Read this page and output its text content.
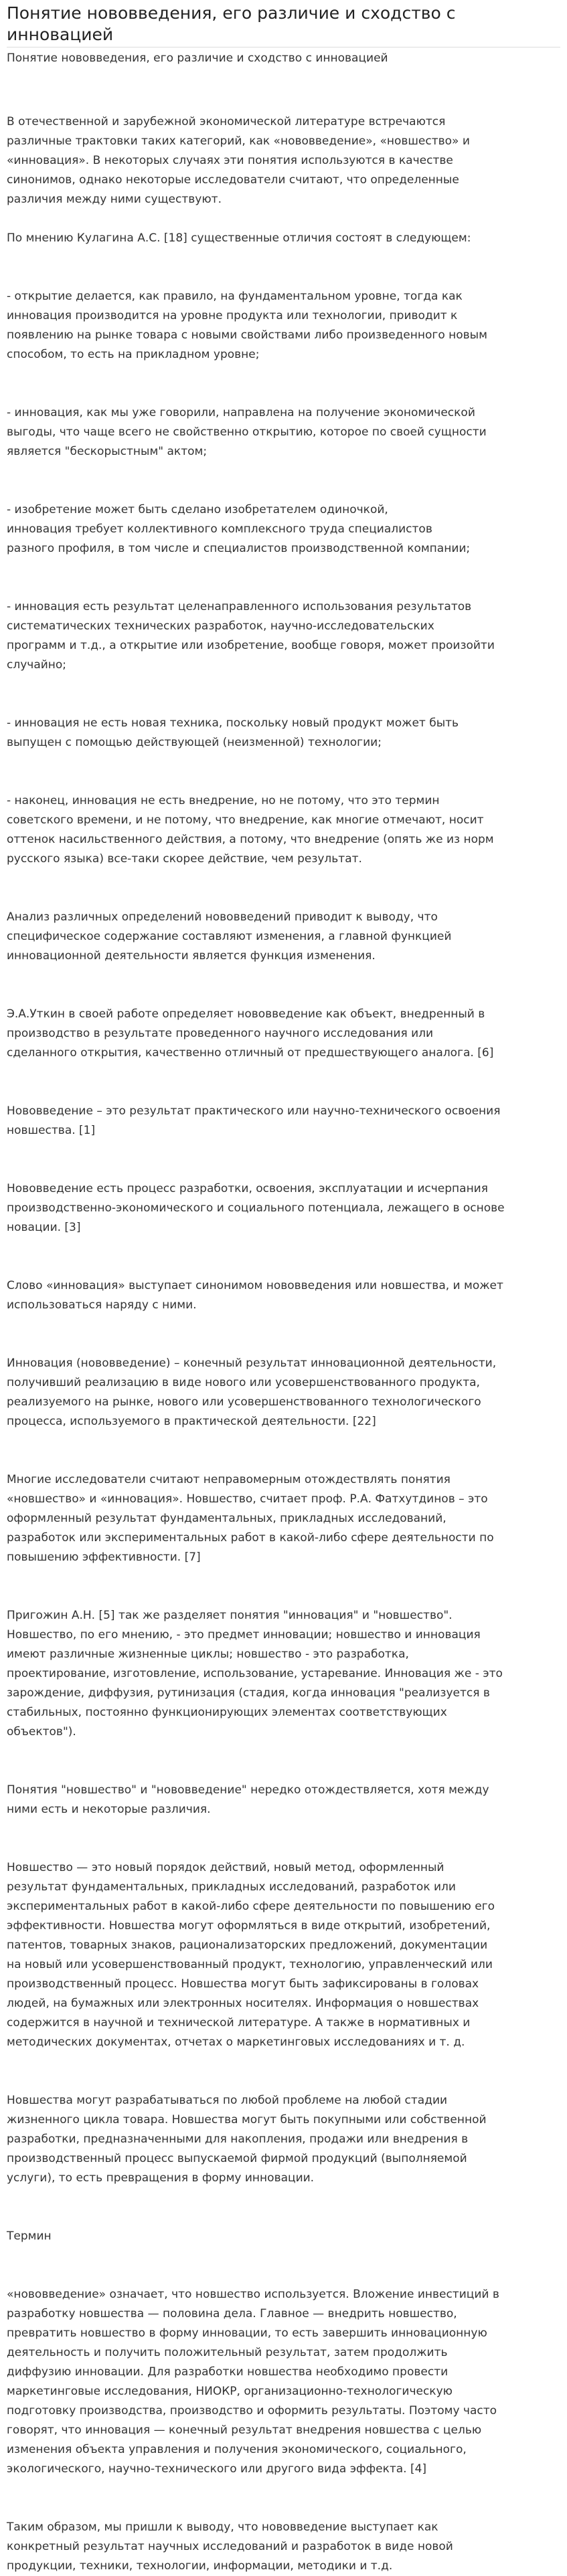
Понятие нововведения, его различие и сходство с инновацией
Понятие нововведения, его различие и сходство с инновацией

В отечественной и зарубежной экономической литературе встречаются
различные трактовки таких категорий, как «нововведение», «новшество» и
«инновация». В некоторых случаях эти понятия используются в качестве
синонимов, однако некоторые исследователи считают, что определенные
различия между ними существуют.

По мнению Кулагина А.С. [18] существенные отличия состоят в следующем:

- открытие делается, как правило, на фундаментальном уровне, тогда как
инновация производится на уровне продукта или технологии, приводит к
появлению на рынке товара с новыми свойствами либо произведенного новым
способом, то есть на прикладном уровне;

- инновация, как мы уже говорили, направлена на получение экономической
выгоды, что чаще всего не свойственно открытию, которое по своей сущности
является "бескорыстным" актом;

- изобретение может быть сделано изобретателем одиночкой,
инновация требует коллективного комплексного труда специалистов
разного профиля, в том числе и специалистов производственной компании;

- инновация есть результат целенаправленного использования результатов
систематических технических разработок, научно-исследовательских
программ и т.д., а открытие или изобретение, вообще говоря, может произойти
случайно;

- инновация не есть новая техника, поскольку новый продукт может быть
выпущен с помощью действующей (неизменной) технологии;

- наконец, инновация не есть внедрение, но не потому, что это термин
советского времени, и не потому, что внедрение, как многие отмечают, носит
оттенок насильственного действия, а потому, что внедрение (опять же из норм
русского языка) все-таки скорее действие, чем результат.

Анализ различных определений нововведений приводит к выводу, что
специфическое содержание составляют изменения, а главной функцией
инновационной деятельности является функция изменения.

Э.А.Уткин в своей работе определяет нововведение как объект, внедренный в
производство в результате проведенного научного исследования или
сделанного открытия, качественно отличный от предшествующего аналога. [6]

Нововведение – это результат практического или научно-технического освоения
новшества. [1]

Нововведение есть процесс разработки, освоения, эксплуатации и исчерпания
производственно-экономического и социального потенциала, лежащего в основе
новации. [3]

Слово «инновация» выступает синонимом нововведения или новшества, и может
использоваться наряду с ними.

Инновация (нововведение) – конечный результат инновационной деятельности,
получивший реализацию в виде нового или усовершенствованного продукта,
реализуемого на рынке, нового или усовершенствованного технологического
процесса, используемого в практической деятельности. [22]

Многие исследователи считают неправомерным отождествлять понятия
«новшество» и «инновация». Новшество, считает проф. Р.А. Фатхутдинов – это
оформленный результат фундаментальных, прикладных исследований,
разработок или экспериментальных работ в какой-либо сфере деятельности по
повышению эффективности. [7]

Пригожин А.Н. [5] так же разделяет понятия "инновация" и "новшество".
Новшество, по его мнению, - это предмет инновации; новшество и инновация
имеют различные жизненные циклы; новшество - это разработка,
проектирование, изготовление, использование, устаревание. Инновация же - это
зарождение, диффузия, рутинизация (стадия, когда инновация "реализуется в
стабильных, постоянно функционирующих элементах соответствующих
объектов").

Понятия "новшество" и "нововведение" нередко отождествляется, хотя между
ними есть и некоторые различия.

Новшество — это новый порядок действий, новый метод, оформленный
результат фундаментальных, прикладных исследований, разработок или
экспериментальных работ в какой-либо сфере деятельности по повышению его
эффективности. Новшества могут оформляться в виде открытий, изобретений,
патентов, товарных знаков, рационализаторских предложений, документации
на новый или усовершенствованный продукт, технологию, управленческий или
производственный процесс. Новшества могут быть зафиксированы в головах
людей, на бумажных или электронных носителях. Информация о новшествах
содержится в научной и технической литературе. А также в нормативных и
методических документах, отчетах о маркетинговых исследованиях и т. д.

Новшества могут разрабатываться по любой проблеме на любой стадии
жизненного цикла товара. Новшества могут быть покупными или собственной
разработки, предназначенными для накопления, продажи или внедрения в
производственный процесс выпускаемой фирмой продукций (выполняемой
услуги), то есть превращения в форму инновации.

Термин

«нововведение» означает, что новшество используется. Вложение инвестиций в
разработку новшества — половина дела. Главное — внедрить новшество,
превратить новшество в форму инновации, то есть завершить инновационную
деятельность и получить положительный результат, затем продолжить
диффузию инновации. Для разработки новшества необходимо провести
маркетинговые исследования, НИОКР, организационно-технологическую
подготовку производства, производство и оформить результаты. Поэтому часто
говорят, что инновация — конечный результат внедрения новшества с целью
изменения объекта управления и получения экономического, социального,
экологического, научно-технического или другого вида эффекта. [4]

Таким образом, мы пришли к выводу, что нововведение выступает как
конкретный результат научных исследований и разработок в виде новой
продукции, техники, технологии, информации, методики и т.д.
